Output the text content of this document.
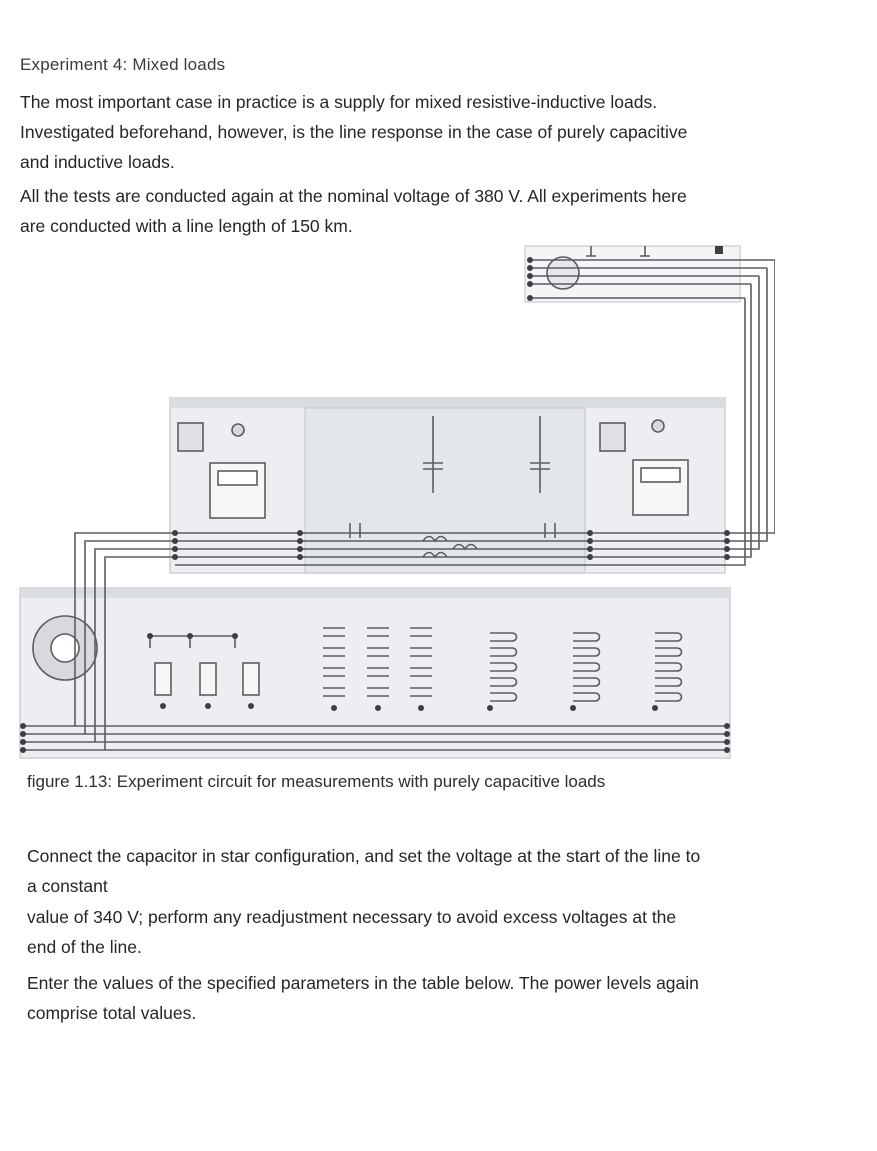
Experiment 4: Mixed loads

The most important case in practice is a supply for mixed resistive-inductive loads.
Investigated beforehand, however, is the line response in the case of purely capacitive
and inductive loads.
All the tests are conducted again at the nominal voltage of 380 V. All experiments here
are conducted with a line length of 150 km.

figure 1.13: Experiment circuit for measurements with purely capacitive loads

Connect the capacitor in star configuration, and set the voltage at the start of the line to
a constant
value of 340 V; perform any readjustment necessary to avoid excess voltages at the
end of the line.
Enter the values of the specified parameters in the table below. The power levels again
comprise total values.
